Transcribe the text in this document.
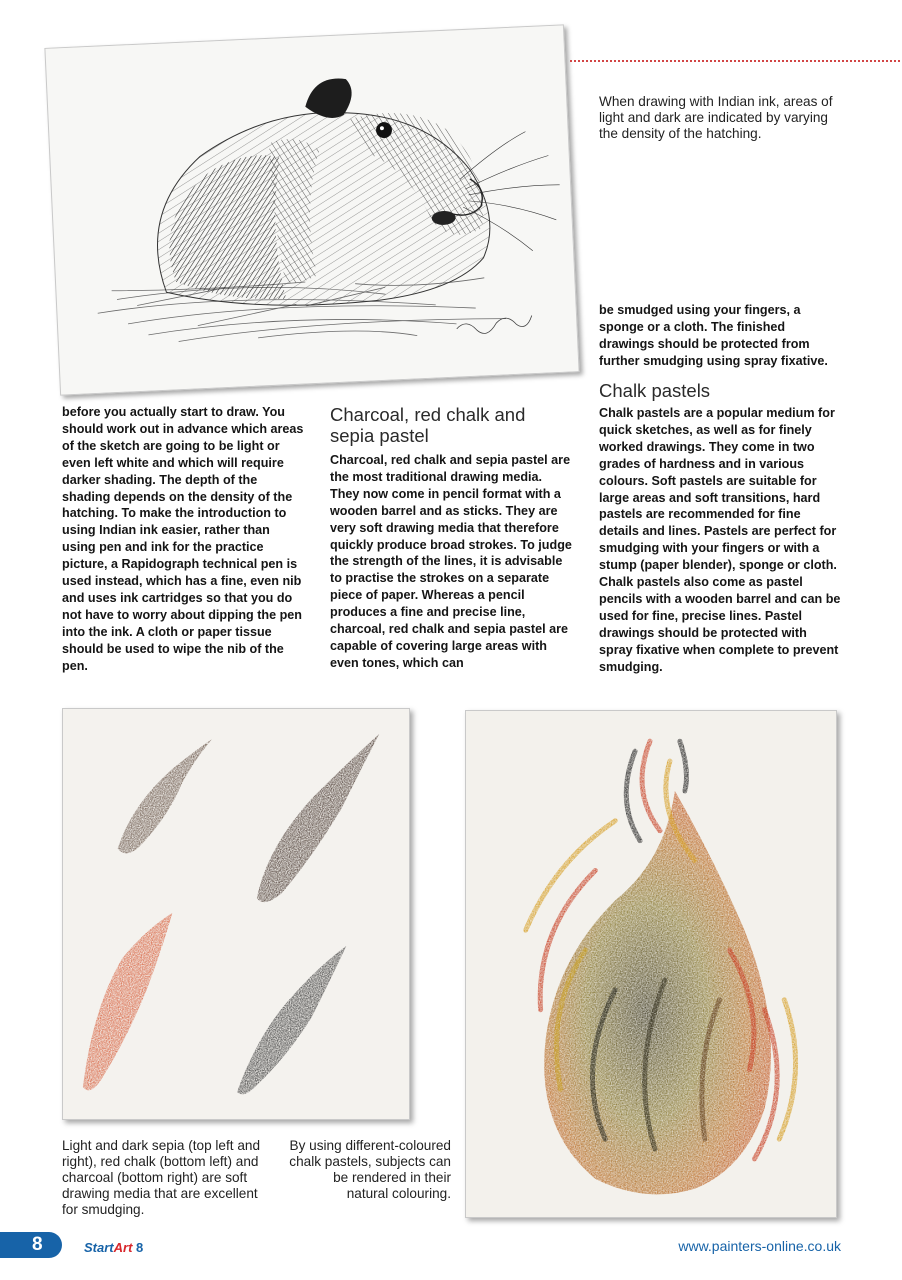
When drawing with Indian ink, areas of light and dark are indicated by varying the density of the hatching.

before you actually start to draw. You should work out in advance which areas of the sketch are going to be light or even left white and which will require darker shading. The depth of the shading depends on the density of the hatching. To make the introduction to using Indian ink easier, rather than using pen and ink for the practice picture, a Rapidograph technical pen is used instead, which has a fine, even nib and uses ink cartridges so that you do not have to worry about dipping the pen into the ink. A cloth or paper tissue should be used to wipe the nib of the pen.

Charcoal, red chalk and sepia pastel

Charcoal, red chalk and sepia pastel are the most traditional drawing media. They now come in pencil format with a wooden barrel and as sticks. They are very soft drawing media that therefore quickly produce broad strokes. To judge the strength of the lines, it is advisable to practise the strokes on a separate piece of paper. Whereas a pencil produces a fine and precise line, charcoal, red chalk and sepia pastel are capable of covering large areas with even tones, which can

be smudged using your fingers, a sponge or a cloth. The finished drawings should be protected from further smudging using spray fixative.

Chalk pastels

Chalk pastels are a popular medium for quick sketches, as well as for finely worked drawings. They come in two grades of hardness and in various colours. Soft pastels are suitable for large areas and soft transitions, hard pastels are recommended for fine details and lines. Pastels are perfect for smudging with your fingers or with a stump (paper blender), sponge or cloth. Chalk pastels also come as pastel pencils with a wooden barrel and can be used for fine, precise lines. Pastel drawings should be protected with spray fixative when complete to prevent smudging.

Light and dark sepia (top left and right), red chalk (bottom left) and charcoal (bottom right) are soft drawing media that are excellent for smudging.

By using different-coloured chalk pastels, subjects can be rendered in their natural colouring.

8	StartArt 8	www.painters-online.co.uk
